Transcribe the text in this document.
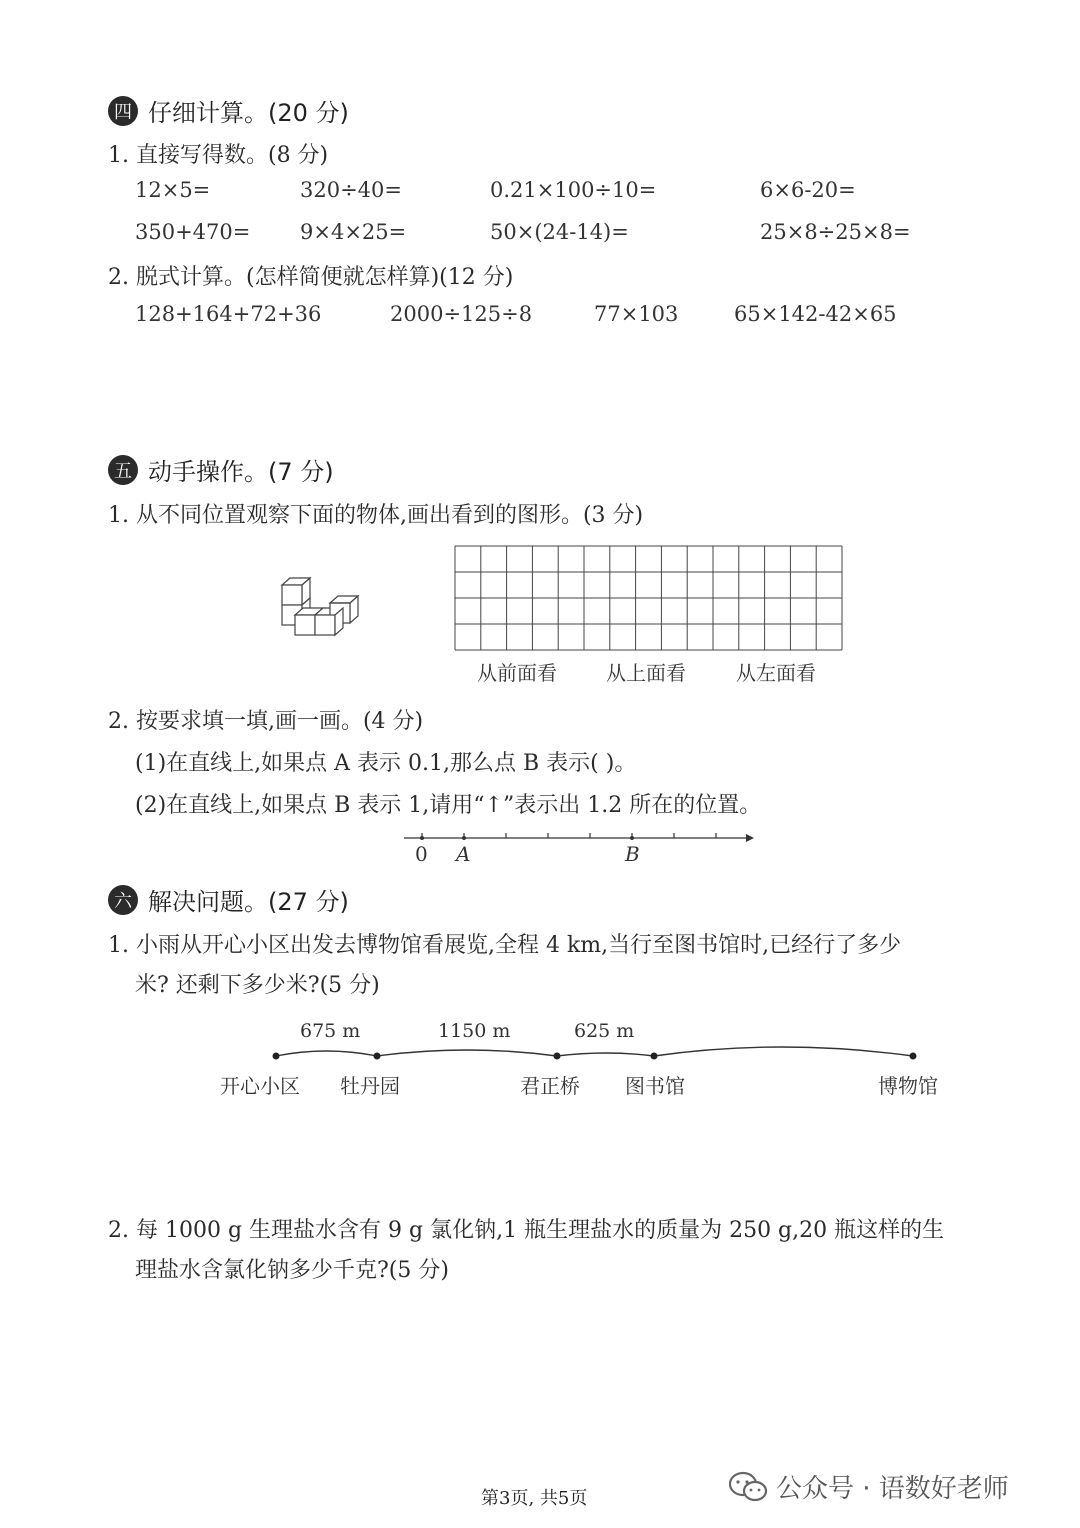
四 仔细计算。(20 分)
1. 直接写得数。(8 分)
12×5=	320÷40=	0.21×100÷10=	6×6-20=
350+470= 9×4×25=	50×(24-14)=	25×8÷25×8=
2. 脱式计算。(怎样简便就怎样算)(12 分)
128+164+72+36	2000÷125÷8	77×103	65×142-42×65
五 动手操作。(7 分)
1. 从不同位置观察下面的物体,画出看到的图形。(3 分)
从前面看 从上面看	从左面看
2. 按要求填一填,画一画。(4 分)
(1)在直线上,如果点 A 表示 0.1,那么点 B 表示( )。
(2)在直线上,如果点 B 表示 1,请用“↑”表示出 1.2 所在的位置。
0 A	B
六 解决问题。(27 分)
1. 小雨从开心小区出发去博物馆看展览,全程 4 km,当行至图书馆时,已经行了多少
米? 还剩下多少米?(5 分)
675 m	1150 m	625 m
开心小区 牡丹园	君正桥 图书馆	博物馆
2. 每 1000 g 生理盐水含有 9 g 氯化钠,1 瓶生理盐水的质量为 250 g,20 瓶这样的生
理盐水含氯化钠多少千克?(5 分)
第3页, 共5页	公众号 · 语数好老师
